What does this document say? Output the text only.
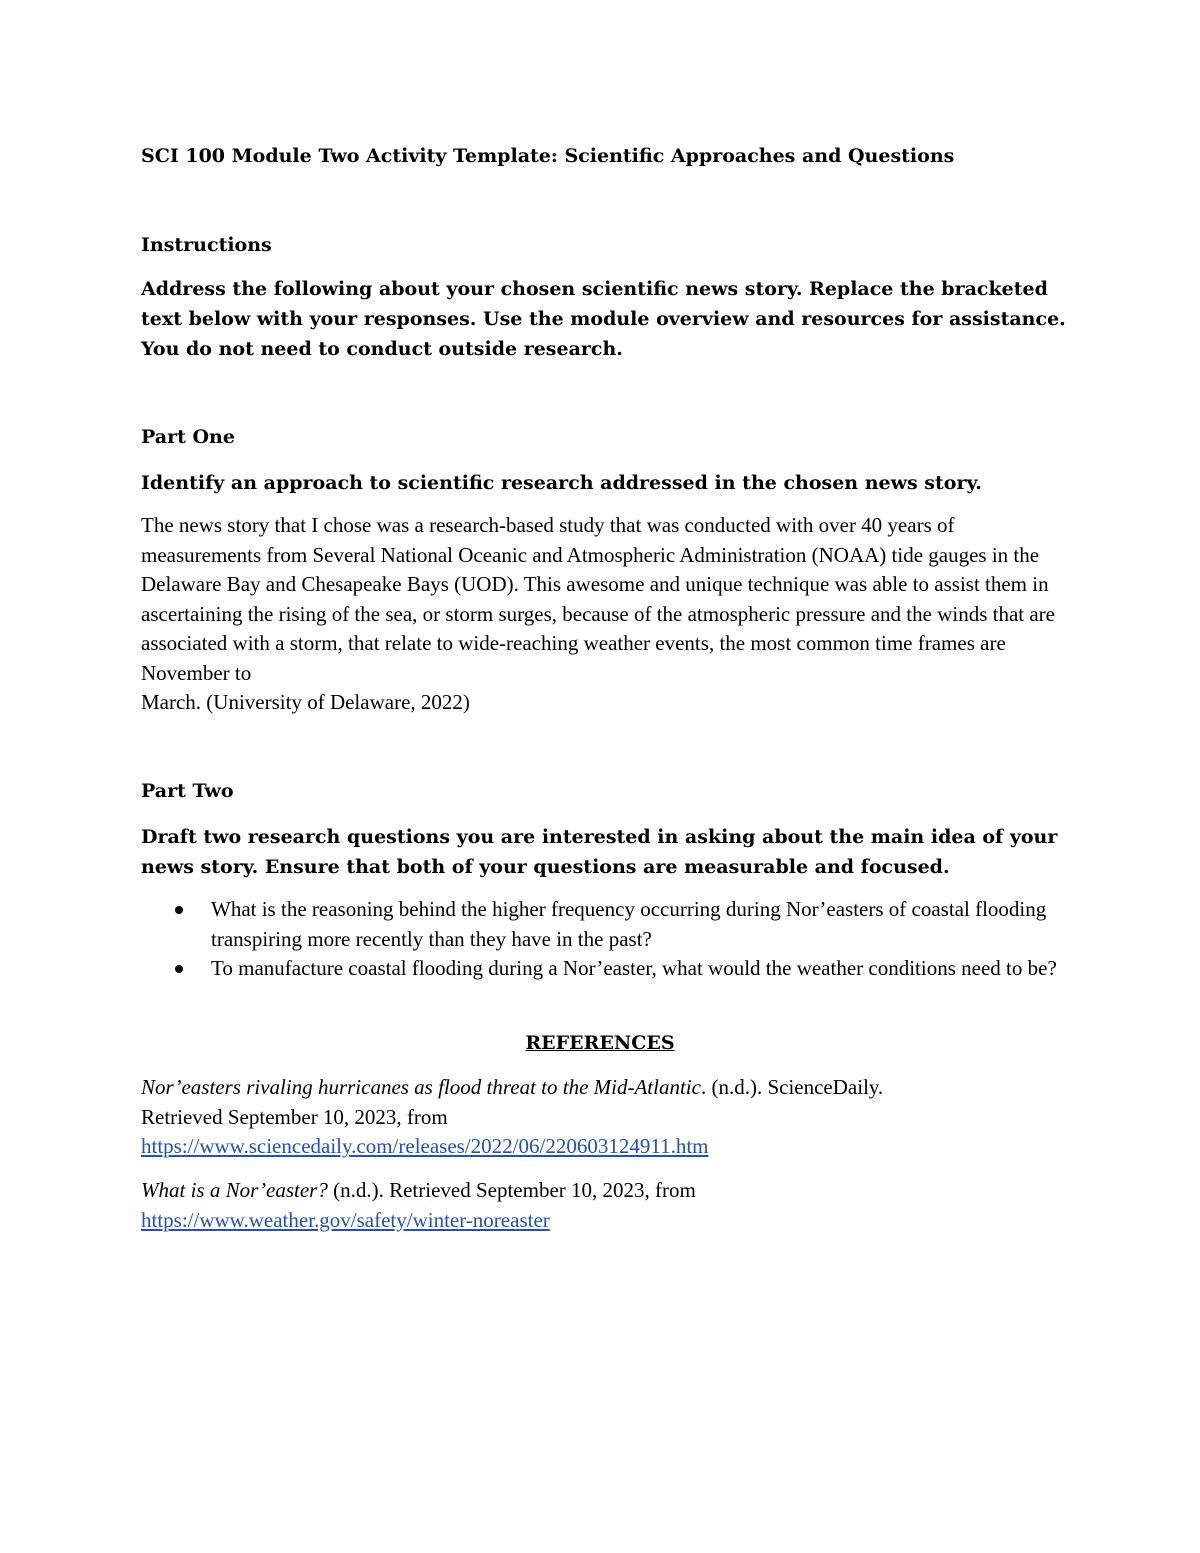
SCI 100 Module Two Activity Template: Scientific Approaches and Questions
Instructions
Address the following about your chosen scientific news story. Replace the bracketed text below with your responses. Use the module overview and resources for assistance. You do not need to conduct outside research.
Part One
Identify an approach to scientific research addressed in the chosen news story.
The news story that I chose was a research-based study that was conducted with over 40 years of measurements from Several National Oceanic and Atmospheric Administration (NOAA) tide gauges in the Delaware Bay and Chesapeake Bays (UOD). This awesome and unique technique was able to assist them in ascertaining the rising of the sea, or storm surges, because of the atmospheric pressure and the winds that are associated with a storm, that relate to wide-reaching weather events, the most common time frames are November to
March. (University of Delaware, 2022)
Part Two
Draft two research questions you are interested in asking about the main idea of your news story. Ensure that both of your questions are measurable and focused.
What is the reasoning behind the higher frequency occurring during Nor’easters of coastal flooding transpiring more recently than they have in the past?
To manufacture coastal flooding during a Nor’easter, what would the weather conditions need to be?
REFERENCES
Nor’easters rivaling hurricanes as flood threat to the Mid-Atlantic. (n.d.). ScienceDaily.
Retrieved September 10, 2023, from
https://www.sciencedaily.com/releases/2022/06/220603124911.htm
What is a Nor’easter? (n.d.). Retrieved September 10, 2023, from
https://www.weather.gov/safety/winter-noreaster
